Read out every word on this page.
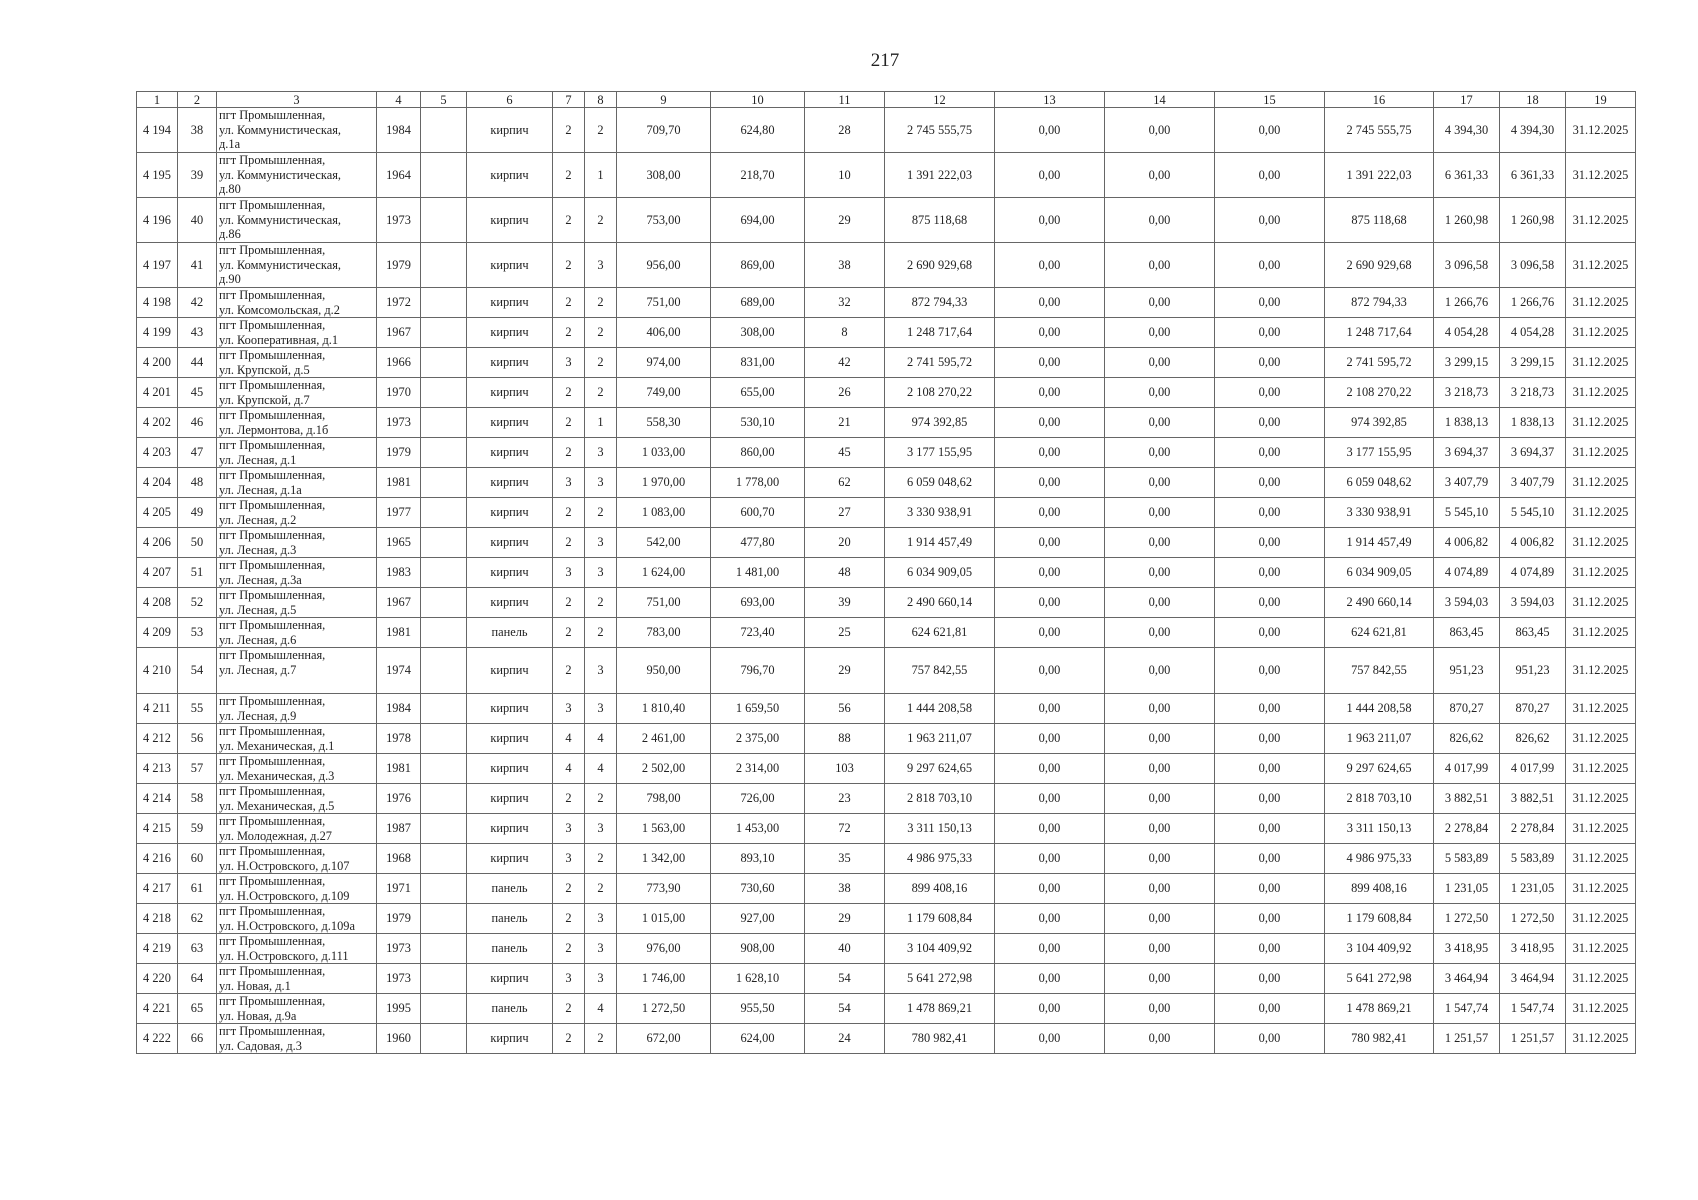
217
1	2	3	4	5	6	7	8	9	10	11	12	13	14	15	16	17	18	19
4 194	38	пгт Промышленная,
ул. Коммунистическая,
д.1а	1984		кирпич	2	2	709,70	624,80	28	2 745 555,75	0,00	0,00	0,00	2 745 555,75	4 394,30	4 394,30	31.12.2025
4 195	39	пгт Промышленная,
ул. Коммунистическая,
д.80	1964		кирпич	2	1	308,00	218,70	10	1 391 222,03	0,00	0,00	0,00	1 391 222,03	6 361,33	6 361,33	31.12.2025
4 196	40	пгт Промышленная,
ул. Коммунистическая,
д.86	1973		кирпич	2	2	753,00	694,00	29	875 118,68	0,00	0,00	0,00	875 118,68	1 260,98	1 260,98	31.12.2025
4 197	41	пгт Промышленная,
ул. Коммунистическая,
д.90	1979		кирпич	2	3	956,00	869,00	38	2 690 929,68	0,00	0,00	0,00	2 690 929,68	3 096,58	3 096,58	31.12.2025
4 198	42	пгт Промышленная,
ул. Комсомольская, д.2	1972		кирпич	2	2	751,00	689,00	32	872 794,33	0,00	0,00	0,00	872 794,33	1 266,76	1 266,76	31.12.2025
4 199	43	пгт Промышленная,
ул. Кооперативная, д.1	1967		кирпич	2	2	406,00	308,00	8	1 248 717,64	0,00	0,00	0,00	1 248 717,64	4 054,28	4 054,28	31.12.2025
4 200	44	пгт Промышленная,
ул. Крупской, д.5	1966		кирпич	3	2	974,00	831,00	42	2 741 595,72	0,00	0,00	0,00	2 741 595,72	3 299,15	3 299,15	31.12.2025
4 201	45	пгт Промышленная,
ул. Крупской, д.7	1970		кирпич	2	2	749,00	655,00	26	2 108 270,22	0,00	0,00	0,00	2 108 270,22	3 218,73	3 218,73	31.12.2025
4 202	46	пгт Промышленная,
ул. Лермонтова, д.1б	1973		кирпич	2	1	558,30	530,10	21	974 392,85	0,00	0,00	0,00	974 392,85	1 838,13	1 838,13	31.12.2025
4 203	47	пгт Промышленная,
ул. Лесная, д.1	1979		кирпич	2	3	1 033,00	860,00	45	3 177 155,95	0,00	0,00	0,00	3 177 155,95	3 694,37	3 694,37	31.12.2025
4 204	48	пгт Промышленная,
ул. Лесная, д.1а	1981		кирпич	3	3	1 970,00	1 778,00	62	6 059 048,62	0,00	0,00	0,00	6 059 048,62	3 407,79	3 407,79	31.12.2025
4 205	49	пгт Промышленная,
ул. Лесная, д.2	1977		кирпич	2	2	1 083,00	600,70	27	3 330 938,91	0,00	0,00	0,00	3 330 938,91	5 545,10	5 545,10	31.12.2025
4 206	50	пгт Промышленная,
ул. Лесная, д.3	1965		кирпич	2	3	542,00	477,80	20	1 914 457,49	0,00	0,00	0,00	1 914 457,49	4 006,82	4 006,82	31.12.2025
4 207	51	пгт Промышленная,
ул. Лесная, д.3а	1983		кирпич	3	3	1 624,00	1 481,00	48	6 034 909,05	0,00	0,00	0,00	6 034 909,05	4 074,89	4 074,89	31.12.2025
4 208	52	пгт Промышленная,
ул. Лесная, д.5	1967		кирпич	2	2	751,00	693,00	39	2 490 660,14	0,00	0,00	0,00	2 490 660,14	3 594,03	3 594,03	31.12.2025
4 209	53	пгт Промышленная,
ул. Лесная, д.6	1981		панель	2	2	783,00	723,40	25	624 621,81	0,00	0,00	0,00	624 621,81	863,45	863,45	31.12.2025
4 210	54	пгт Промышленная,
ул. Лесная, д.7	1974		кирпич	2	3	950,00	796,70	29	757 842,55	0,00	0,00	0,00	757 842,55	951,23	951,23	31.12.2025
4 211	55	пгт Промышленная,
ул. Лесная, д.9	1984		кирпич	3	3	1 810,40	1 659,50	56	1 444 208,58	0,00	0,00	0,00	1 444 208,58	870,27	870,27	31.12.2025
4 212	56	пгт Промышленная,
ул. Механическая, д.1	1978		кирпич	4	4	2 461,00	2 375,00	88	1 963 211,07	0,00	0,00	0,00	1 963 211,07	826,62	826,62	31.12.2025
4 213	57	пгт Промышленная,
ул. Механическая, д.3	1981		кирпич	4	4	2 502,00	2 314,00	103	9 297 624,65	0,00	0,00	0,00	9 297 624,65	4 017,99	4 017,99	31.12.2025
4 214	58	пгт Промышленная,
ул. Механическая, д.5	1976		кирпич	2	2	798,00	726,00	23	2 818 703,10	0,00	0,00	0,00	2 818 703,10	3 882,51	3 882,51	31.12.2025
4 215	59	пгт Промышленная,
ул. Молодежная, д.27	1987		кирпич	3	3	1 563,00	1 453,00	72	3 311 150,13	0,00	0,00	0,00	3 311 150,13	2 278,84	2 278,84	31.12.2025
4 216	60	пгт Промышленная,
ул. Н.Островского, д.107	1968		кирпич	3	2	1 342,00	893,10	35	4 986 975,33	0,00	0,00	0,00	4 986 975,33	5 583,89	5 583,89	31.12.2025
4 217	61	пгт Промышленная,
ул. Н.Островского, д.109	1971		панель	2	2	773,90	730,60	38	899 408,16	0,00	0,00	0,00	899 408,16	1 231,05	1 231,05	31.12.2025
4 218	62	пгт Промышленная,
ул. Н.Островского, д.109а	1979		панель	2	3	1 015,00	927,00	29	1 179 608,84	0,00	0,00	0,00	1 179 608,84	1 272,50	1 272,50	31.12.2025
4 219	63	пгт Промышленная,
ул. Н.Островского, д.111	1973		панель	2	3	976,00	908,00	40	3 104 409,92	0,00	0,00	0,00	3 104 409,92	3 418,95	3 418,95	31.12.2025
4 220	64	пгт Промышленная,
ул. Новая, д.1	1973		кирпич	3	3	1 746,00	1 628,10	54	5 641 272,98	0,00	0,00	0,00	5 641 272,98	3 464,94	3 464,94	31.12.2025
4 221	65	пгт Промышленная,
ул. Новая, д.9а	1995		панель	2	4	1 272,50	955,50	54	1 478 869,21	0,00	0,00	0,00	1 478 869,21	1 547,74	1 547,74	31.12.2025
4 222	66	пгт Промышленная,
ул. Садовая, д.3	1960		кирпич	2	2	672,00	624,00	24	780 982,41	0,00	0,00	0,00	780 982,41	1 251,57	1 251,57	31.12.2025
